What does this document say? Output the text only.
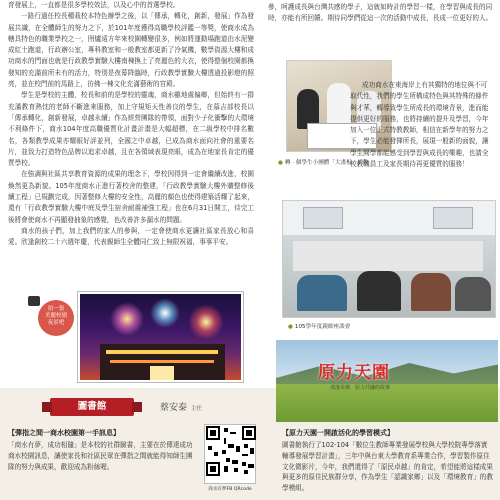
育發展上，一直都是很多學校效法，以及心中的首選學校。

一路行過任校長種栽校本特色辦學之後，以「傳承，轉化，創新，發展」作為發展共識，在全體師生的努力之下，於101年度獲得高職學校評鑑一等獎，使商水成為轄具特色的職業學校之一，囹爐遠方年來校園轉變很多，例如將運動場跑道由水泥變成紅土跑道，行政辦公室，專科教室和一般教室都更新了冷氣機，數學資源大樓和成功商水的門面也就是行政教學實驗大樓南棟換上了亮麗色的大衣，使得整個校園都換發知的充滿前所未有的活力，特別是夜幕降臨時，行政教學實驗大樓透過投影燈的照亮，並在校門前的馬路上，彷佛一棟文化充滿藝術的宮殿。

學生是學校的主體，校長和前的是學校的靈魂，商水雖地處偏鄉，但始終有一群充滿教育熱忱的老師不斷進來服務，加上守規矩天性善良的學生，在慕吉部校長以「傳承轉化，創新發展，卓越永續」作為經營團隊的帶領，面對少子化衝擊的大環境不利條件下，商水104年度高職優質化計畫計畫是大幅超標，在二級學校中排名數名，各類教學成果亦耀眼好評並列，全國之中卓越，已成為商水面向社會的重要名片，並致力打造特色品牌以追求卓越，且在各領域表現亮眼，成為在地家長肯定的優質學校。

在強調與社區共享教育資源的成果的理念下，學校因得到一定會繼續改進，校園煥然更為新貌。105年度商水正進行著校舍的整建，「行政教學實驗大樓外牆整修後續工程」已規劃完成，因著整修大樓的安全性，高麗的顏色也使得建築活耀了起來，還有「行政教學實驗大樓中庭及學生宿舍耐震補強工程」也在6月31日開工，待完工後將會使商水不再顯發抽象的感覺，也改善許多漏水的問題。

商水的孩子們，加上我們的家人的參與，一定會使商水更讓社區家長放心和喜愛。欣逢創校二十六週年慶，代表親師生全體同仁致上無限祝福，事事平安。

拍一張
美麗校園
夜景吧
參，呵護成長與台灣共感的學子，這就如時計的學習一樣，在學習與成長的同時，亦能有所回饋。期待同學們從這一次的活動中成長，長成一位更好的人。

成功商水在東海岸上有其獨特的地位與不可取代性，我們的學生所構成特色與其特殊的條件與才華，轉導致學生所成長的環境背景，進而能提供更好的服務，也將持續的提升及學習，今年加入一位正式特教教師，相信在新學年的努力之下，學生必能發揮所長，展現一般新的面貌，讓學生開學都能感受到學習與成長的樂趣，也請全校教職員工及家長期待再更優質的服務！

● 轉 · 個學生小團體「大畫板」活動
● 105學年度親師座談會
圖書館	蔡安泰 主任
【彈指之間一商水校園第一手訊息】
「商水有夢，成功相隨」是本校的社群臉書，主要在於傳達成功商水校園訊息，讓使家長和社區民眾在彈指之間就能得知師生團隊的努力與成果，歡迎成為粉絲喔。
商水有夢FB QRcode
原力天園
部落美聲．原力共融的故事
【原力天園一開啟活化的學習模式】
圖書館執行了102-104「數位生教師專業發展學校與大學校院專學落實輔導發展學習計畫」，三年中與台東大學教育系專業合作，學習製作原住文化微影片，今年，我們還得了「原民卓越」的肯定，希望能將這樣成果與更多的原住民族群分享，作為學生「認識家鄉」以及「環境教育」的教學模組。
